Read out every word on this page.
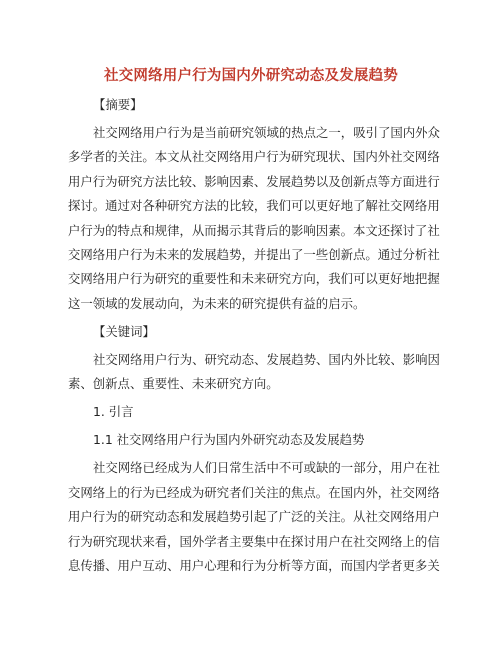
社交网络用户行为国内外研究动态及发展趋势
【摘要】
社交网络用户行为是当前研究领域的热点之一，吸引了国内外众
多学者的关注。本文从社交网络用户行为研究现状、国内外社交网络
用户行为研究方法比较、影响因素、发展趋势以及创新点等方面进行
探讨。通过对各种研究方法的比较，我们可以更好地了解社交网络用
户行为的特点和规律，从而揭示其背后的影响因素。本文还探讨了社
交网络用户行为未来的发展趋势，并提出了一些创新点。通过分析社
交网络用户行为研究的重要性和未来研究方向，我们可以更好地把握
这一领域的发展动向，为未来的研究提供有益的启示。
【关键词】
社交网络用户行为、研究动态、发展趋势、国内外比较、影响因
素、创新点、重要性、未来研究方向。
1. 引言
1.1 社交网络用户行为国内外研究动态及发展趋势
社交网络已经成为人们日常生活中不可或缺的一部分，用户在社
交网络上的行为已经成为研究者们关注的焦点。在国内外，社交网络
用户行为的研究动态和发展趋势引起了广泛的关注。从社交网络用户
行为研究现状来看，国外学者主要集中在探讨用户在社交网络上的信
息传播、用户互动、用户心理和行为分析等方面，而国内学者更多关
